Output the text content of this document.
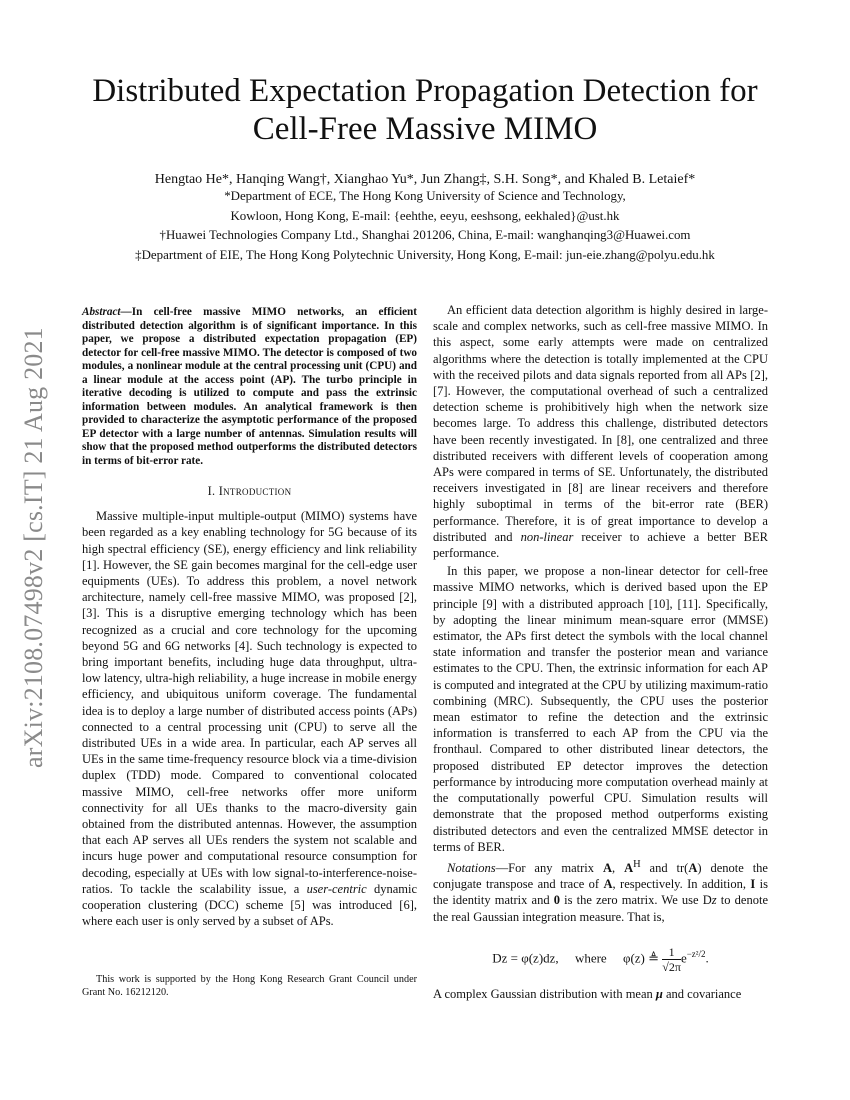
arXiv:2108.07498v2 [cs.IT] 21 Aug 2021
Distributed Expectation Propagation Detection for Cell-Free Massive MIMO
Hengtao He*, Hanqing Wang†, Xianghao Yu*, Jun Zhang‡, S.H. Song*, and Khaled B. Letaief*
*Department of ECE, The Hong Kong University of Science and Technology,
Kowloon, Hong Kong, E-mail: {eehthe, eeyu, eeshsong, eekhaled}@ust.hk
†Huawei Technologies Company Ltd., Shanghai 201206, China, E-mail: wanghanqing3@Huawei.com
‡Department of EIE, The Hong Kong Polytechnic University, Hong Kong, E-mail: jun-eie.zhang@polyu.edu.hk
Abstract—In cell-free massive MIMO networks, an efficient distributed detection algorithm is of significant importance. In this paper, we propose a distributed expectation propagation (EP) detector for cell-free massive MIMO. The detector is composed of two modules, a nonlinear module at the central processing unit (CPU) and a linear module at the access point (AP). The turbo principle in iterative decoding is utilized to compute and pass the extrinsic information between modules. An analytical framework is then provided to characterize the asymptotic performance of the proposed EP detector with a large number of antennas. Simulation results will show that the proposed method outperforms the distributed detectors in terms of bit-error rate.
I. Introduction

Massive multiple-input multiple-output (MIMO) systems have been regarded as a key enabling technology for 5G because of its high spectral efficiency (SE), energy efficiency and link reliability [1]. However, the SE gain becomes marginal for the cell-edge user equipments (UEs). To address this problem, a novel network architecture, namely cell-free massive MIMO, was proposed [2], [3]. This is a disruptive emerging technology which has been recognized as a crucial and core technology for the upcoming beyond 5G and 6G networks [4]. Such technology is expected to bring important benefits, including huge data throughput, ultra-low latency, ultra-high reliability, a huge increase in mobile energy efficiency, and ubiquitous uniform coverage. The fundamental idea is to deploy a large number of distributed access points (APs) connected to a central processing unit (CPU) to serve all the distributed UEs in a wide area. In particular, each AP serves all UEs in the same time-frequency resource block via a time-division duplex (TDD) mode. Compared to conventional colocated massive MIMO, cell-free networks offer more uniform connectivity for all UEs thanks to the macro-diversity gain obtained from the distributed antennas. However, the assumption that each AP serves all UEs renders the system not scalable and incurs huge power and computational resource consumption for decoding, especially at UEs with low signal-to-interference-noise-ratios. To tackle the scalability issue, a user-centric dynamic cooperation clustering (DCC) scheme [5] was introduced [6], where each user is only served by a subset of APs.

This work is supported by the Hong Kong Research Grant Council under Grant No. 16212120.

An efficient data detection algorithm is highly desired in large-scale and complex networks, such as cell-free massive MIMO. In this aspect, some early attempts were made on centralized algorithms where the detection is totally implemented at the CPU with the received pilots and data signals reported from all APs [2], [7]. However, the computational overhead of such a centralized detection scheme is prohibitively high when the network size becomes large. To address this challenge, distributed detectors have been recently investigated. In [8], one centralized and three distributed receivers with different levels of cooperation among APs were compared in terms of SE. Unfortunately, the distributed receivers investigated in [8] are linear receivers and therefore highly suboptimal in terms of the bit-error rate (BER) performance. Therefore, it is of great importance to develop a distributed and non-linear receiver to achieve a better BER performance.

In this paper, we propose a non-linear detector for cell-free massive MIMO networks, which is derived based upon the EP principle [9] with a distributed approach [10], [11]. Specifically, by adopting the linear minimum mean-square error (MMSE) estimator, the APs first detect the symbols with the local channel state information and transfer the posterior mean and variance estimates to the CPU. Then, the extrinsic information for each AP is computed and integrated at the CPU by utilizing maximum-ratio combining (MRC). Subsequently, the CPU uses the posterior mean estimator to refine the detection and the extrinsic information is transferred to each AP from the CPU via the fronthaul. Compared to other distributed linear detectors, the proposed distributed EP detector improves the detection performance by introducing more computation overhead mainly at the computationally powerful CPU. Simulation results will demonstrate that the proposed method outperforms existing distributed detectors and even the centralized MMSE detector in terms of BER.

Notations—For any matrix A, $A^H$ and tr(A) denote the conjugate transpose and trace of A, respectively. In addition, I is the identity matrix and 0 is the zero matrix. We use Dz to denote the real Gaussian integration measure. That is,

Dz = φ(z)dz, where φ(z) ≜ $\frac{1}{√2\pi} e^{-z^2/2}$.
A complex Gaussian distribution with mean μ and covariance
